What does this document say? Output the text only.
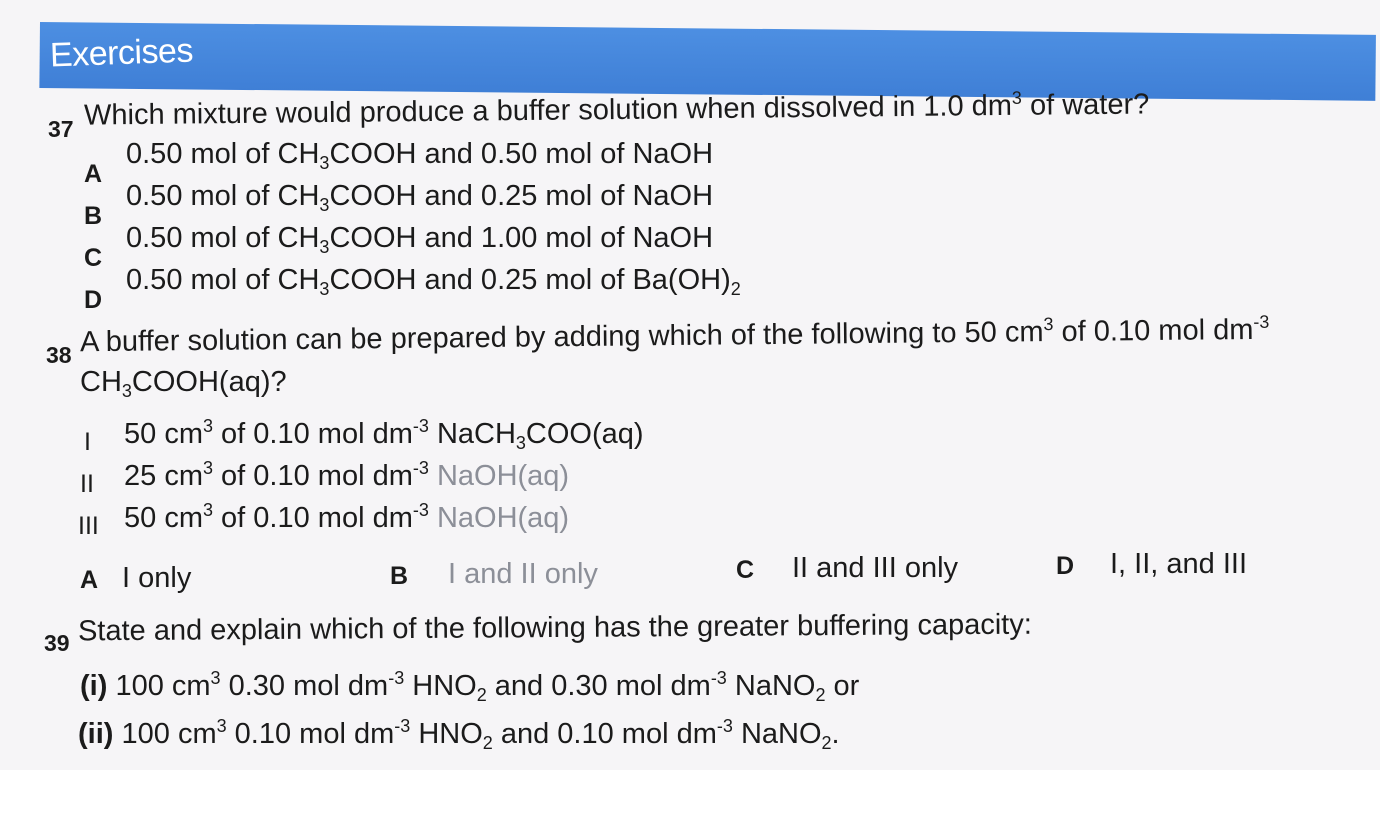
Exercises
37 Which mixture would produce a buffer solution when dissolved in 1.0 $dm^3$ of water?
A
0.50 mol of $CH_3COOH$ and 0.50 mol of NaOH
B
0.50 mol of $CH_3COOH$ and 0.25 mol of NaOH
C
0.50 mol of $CH_3COOH$ and 1.00 mol of NaOH
D
0.50 mol of $CH_3COOH$ and 0.25 mol of $Ba(OH)_2$
38 A buffer solution can be prepared by adding which of the following to 50 $cm^3$ of 0.10 mol $dm^{-3}$
$CH_3COOH(aq)$?
I 50 $cm^3$ of 0.10 mol $dm^{-3}$ NaCH$_3$COO(aq)
II 25 $cm^3$ of 0.10 mol $dm^{-3}$ NaOH(aq)
III 50 $cm^3$ of 0.10 mol $dm^{-3}$ NaOH(aq)
A I only	B I and II only	C II and III only	D I, II, and III
39 State and explain which of the following has the greater buffering capacity:
(i) 100 $cm^3$ 0.30 mol $dm^{-3}$ $HNO_2$ and 0.30 mol $dm^{-3}$ NaNO$_2$ or
(ii) 100 $cm^3$ 0.10 mol $dm^{-3}$ $HNO_2$ and 0.10 mol $dm^{-3}$ NaNO$_2$.
